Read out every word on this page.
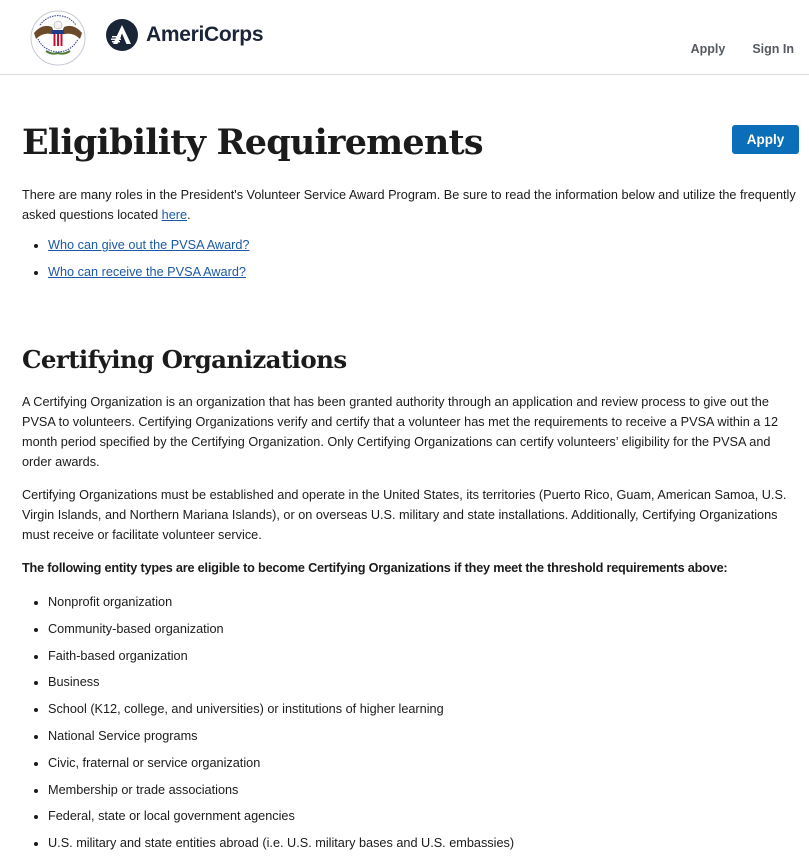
AmeriCorps
Apply Sign In
Eligibility Requirements	Apply

There are many roles in the President's Volunteer Service Award Program. Be sure to read the information below and utilize the frequently asked questions located here.

• Who can give out the PVSA Award?
• Who can receive the PVSA Award?
Certifying Organizations

A Certifying Organization is an organization that has been granted authority through an application and review process to give out the PVSA to volunteers. Certifying Organizations verify and certify that a volunteer has met the requirements to receive a PVSA within a 12 month period specified by the Certifying Organization. Only Certifying Organizations can certify volunteers’ eligibility for the PVSA and order awards.

Certifying Organizations must be established and operate in the United States, its territories (Puerto Rico, Guam, American Samoa, U.S. Virgin Islands, and Northern Mariana Islands), or on overseas U.S. military and state installations. Additionally, Certifying Organizations must receive or facilitate volunteer service.

The following entity types are eligible to become Certifying Organizations if they meet the threshold requirements above:

• Nonprofit organization
• Community-based organization
• Faith-based organization
• Business
• School (K12, college, and universities) or institutions of higher learning
• National Service programs
• Civic, fraternal or service organization
• Membership or trade associations
• Federal, state or local government agencies
• U.S. military and state entities abroad (i.e. U.S. military bases and U.S. embassies)
